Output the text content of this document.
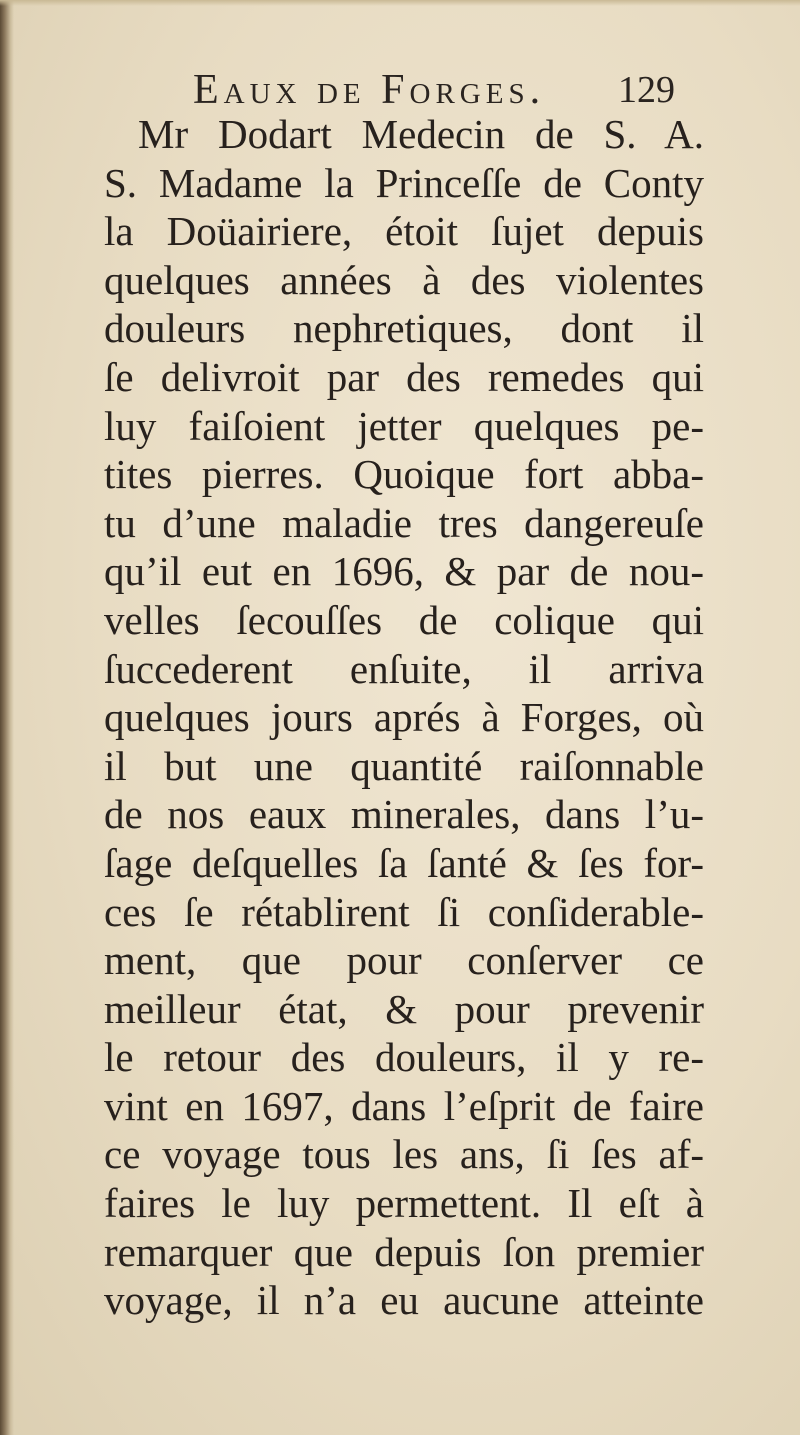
Eaux de Forges. 129
Mr Dodart Medecin de S. A.
S. Madame la Princeſſe de Conty
la Doüairiere, étoit ſujet depuis
quelques années à des violentes
douleurs nephretiques, dont il
ſe delivroit par des remedes qui
luy faiſoient jetter quelques pe-
tites pierres. Quoique fort abba-
tu d’une maladie tres dangereuſe
qu’il eut en 1696, & par de nou-
velles ſecouſſes de colique qui
ſuccederent enſuite, il arriva
quelques jours aprés à Forges, où
il but une quantité raiſonnable
de nos eaux minerales, dans l’u-
ſage deſquelles ſa ſanté & ſes for-
ces ſe rétablirent ſi conſiderable-
ment, que pour conſerver ce
meilleur état, & pour prevenir
le retour des douleurs, il y re-
vint en 1697, dans l’eſprit de faire
ce voyage tous les ans, ſi ſes af-
faires le luy permettent. Il eſt à
remarquer que depuis ſon premier
voyage, il n’a eu aucune atteinte
